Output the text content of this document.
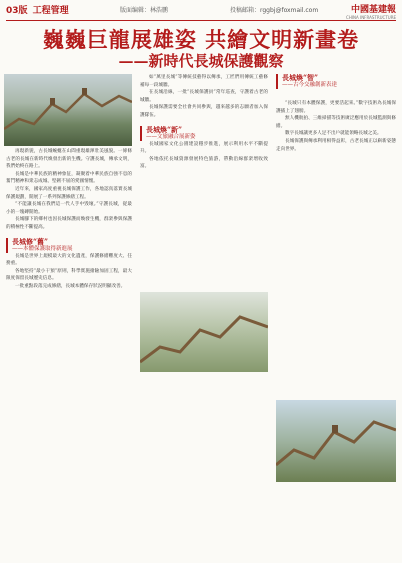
03版 工程管理	版面编辑：林浩鹏	投稿邮箱：rggbj@foxmail.com	中國基建報
CHINA INFRASTRUCTURE
巍巍巨龍展雄姿 共繪文明新畫卷
——新時代長城保護觀察

再現新貌，古長城蜿蜒在山間重現雄渾壯美風貌。一條條古老的長城在新時代煥發出新的生機。守護長城，傳承文明，我們始終在路上。

長城是中華民族的精神象征，凝聚着中華民族自強不息的奮鬥精神和衆志成城、堅韌不屈的愛國情懷。

近年來，國家高度重視長城保護工作，各地認真落實長城保護規劃，開展了一系列保護修繕工程。

“不能讓長城在我們這一代人手中毀壞。”守護長城，從最小的一塊磚開始。

長城腳下的鄉村也因長城保護而煥發生機，群衆參與保護的積極性不斷提高。

長城修“舊”
——本體保護取得新進展

長城是世界上規模最大的文化遺產，保護修繕難度大、任務重。

各地堅持“最小干預”原則，科學實施搶險加固工程，最大限度保留長城歷史信息。

一批重點段落完成修繕，長城本體保存狀況明顯改善。

如“萬里長城”等傳統技藝得以傳承，工匠們用傳統工藝修補每一段城牆。

在長城沿線，一批“長城保護員”常年巡查，守護着古老的城牆。

長城保護需要全社會共同參與，越來越多的志願者加入保護隊伍。

長城煥“新”
——文旅融合展新姿

長城國家文化公園建設穩步推進，展示利用水平不斷提升。

各地依托長城資源發展特色旅游，帶動沿線群衆增收致富。

長城煥“智”
——古今交融創新表達

“長城只有本體保護，更要活起來。”數字技術為長城保護插上了翅膀。

無人機航拍、三維掃描等技術廣泛應用於長城監測與修繕。

數字長城讓更多人足不出戶就能領略長城之美。

長城保護與傳承利用相得益彰，古老長城正以嶄新姿態走向世界。
